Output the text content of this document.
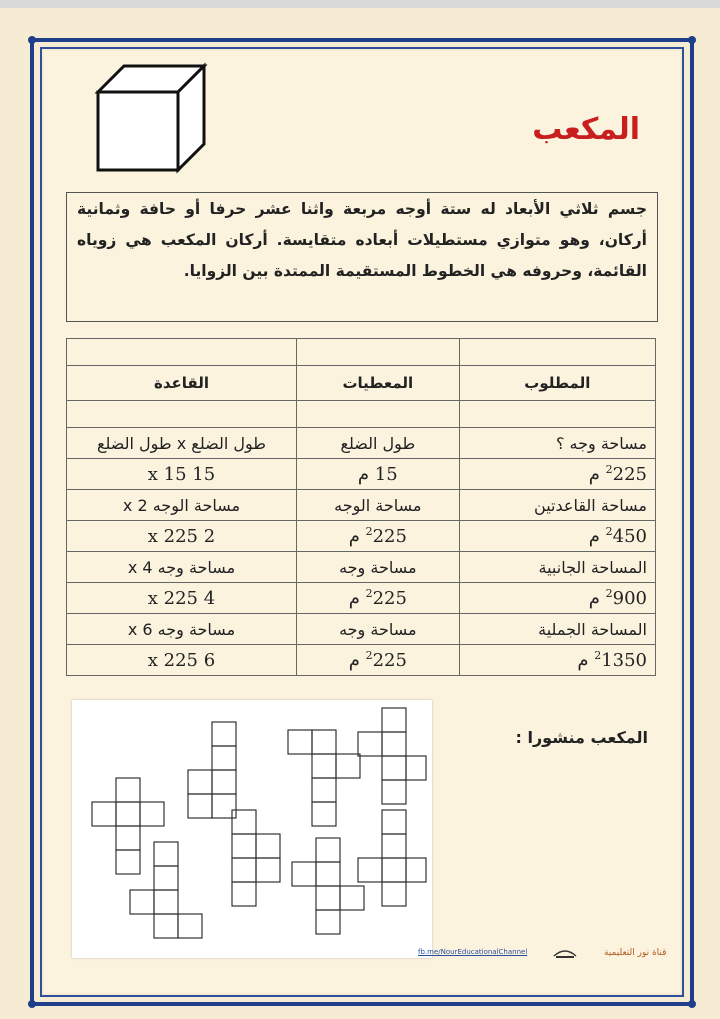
المكعب
جسم ثلاثي الأبعاد له ستة أوجه مربعة واثنا عشر حرفا أو حافة وثمانية أركان، وهو متوازي مستطيلات أبعاده متقايسة. أركان المكعب هي زوياه القائمة، وحروفه هي الخطوط المستقيمة الممتدة بين الزوايا.

المطلوب	المعطيات	القاعدة

مساحة وجه ؟	طول الضلع	طول الضلع x طول الضلع
$^2$225 م	15 م	15 x 15
مساحة القاعدتين	مساحة الوجه	مساحة الوجه x 2
$^2$450 م	$^2$225 م	2 x 225
المساحة الجانبية	مساحة وجه	مساحة وجه x 4
$^2$900 م	$^2$225 م	4 x 225
المساحة الجملية	مساحة وجه	مساحة وجه x 6
$^2$1350 م	$^2$225 م	6 x 225
المكعب منشورا :
fb.me/NourEducationalChannel	قناة نور التعليمية
